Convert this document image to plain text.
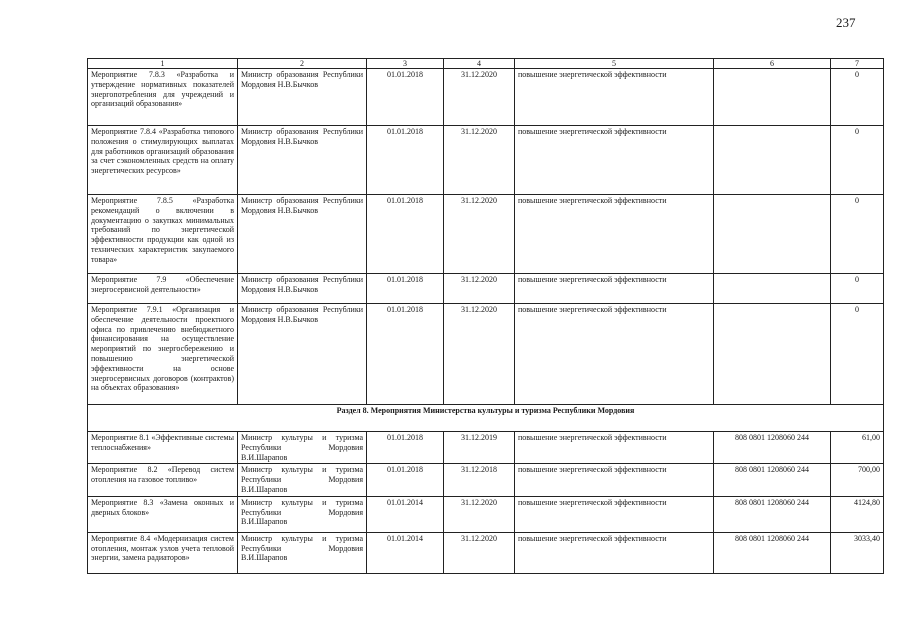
237
1	2	3	4	5	6	7
Мероприятие 7.8.3 «Разработка и утверждение нормативных показателей энергопотребления для учреждений и организаций образования»	Министр образования Республики Мордовия Н.В.Бычков	01.01.2018	31.12.2020	повышение энергетической эффективности		0
Мероприятие 7.8.4 «Разработка типового положения о стимулирующих выплатах для работников организаций образования за счет сэкономленных средств на оплату энергетических ресурсов»	Министр образования Республики Мордовия Н.В.Бычков	01.01.2018	31.12.2020	повышение энергетической эффективности		0
Мероприятие 7.8.5 «Разработка рекомендаций о включении в документацию о закупках минимальных требований по энергетической эффективности продукции как одной из технических характеристик закупаемого товара»	Министр образования Республики Мордовия Н.В.Бычков	01.01.2018	31.12.2020	повышение энергетической эффективности		0
Мероприятие 7.9 «Обеспечение энергосервисной деятельности»	Министр образования Республики Мордовия Н.В.Бычков	01.01.2018	31.12.2020	повышение энергетической эффективности		0
Мероприятие 7.9.1 «Организация и обеспечение деятельности проектного офиса по привлечению внебюджетного финансирования на осуществление мероприятий по энергосбережению и повышению энергетической эффективности на основе энергосервисных договоров (контрактов) на объектах образования»	Министр образования Республики Мордовия Н.В.Бычков	01.01.2018	31.12.2020	повышение энергетической эффективности		0
Раздел 8. Мероприятия Министерства культуры и туризма Республики Мордовия						
Мероприятие 8.1 «Эффективные системы теплоснабжения»	Министр культуры и туризма Республики Мордовия В.И.Шарапов	01.01.2018	31.12.2019	повышение энергетической эффективности	808 0801 1208060 244	61,00
Мероприятие 8.2 «Перевод систем отопления на газовое топливо»	Министр культуры и туризма Республики Мордовия В.И.Шарапов	01.01.2018	31.12.2018	повышение энергетической эффективности	808 0801 1208060 244	700,00
Мероприятие 8.3 «Замена оконных и дверных блоков»	Министр культуры и туризма Республики Мордовия В.И.Шарапов	01.01.2014	31.12.2020	повышение энергетической эффективности	808 0801 1208060 244	4124,80
Мероприятие 8.4 «Модернизация систем отопления, монтаж узлов учета тепловой энергии, замена радиаторов»	Министр культуры и туризма Республики Мордовия В.И.Шарапов	01.01.2014	31.12.2020	повышение энергетической эффективности	808 0801 1208060 244	3033,40
